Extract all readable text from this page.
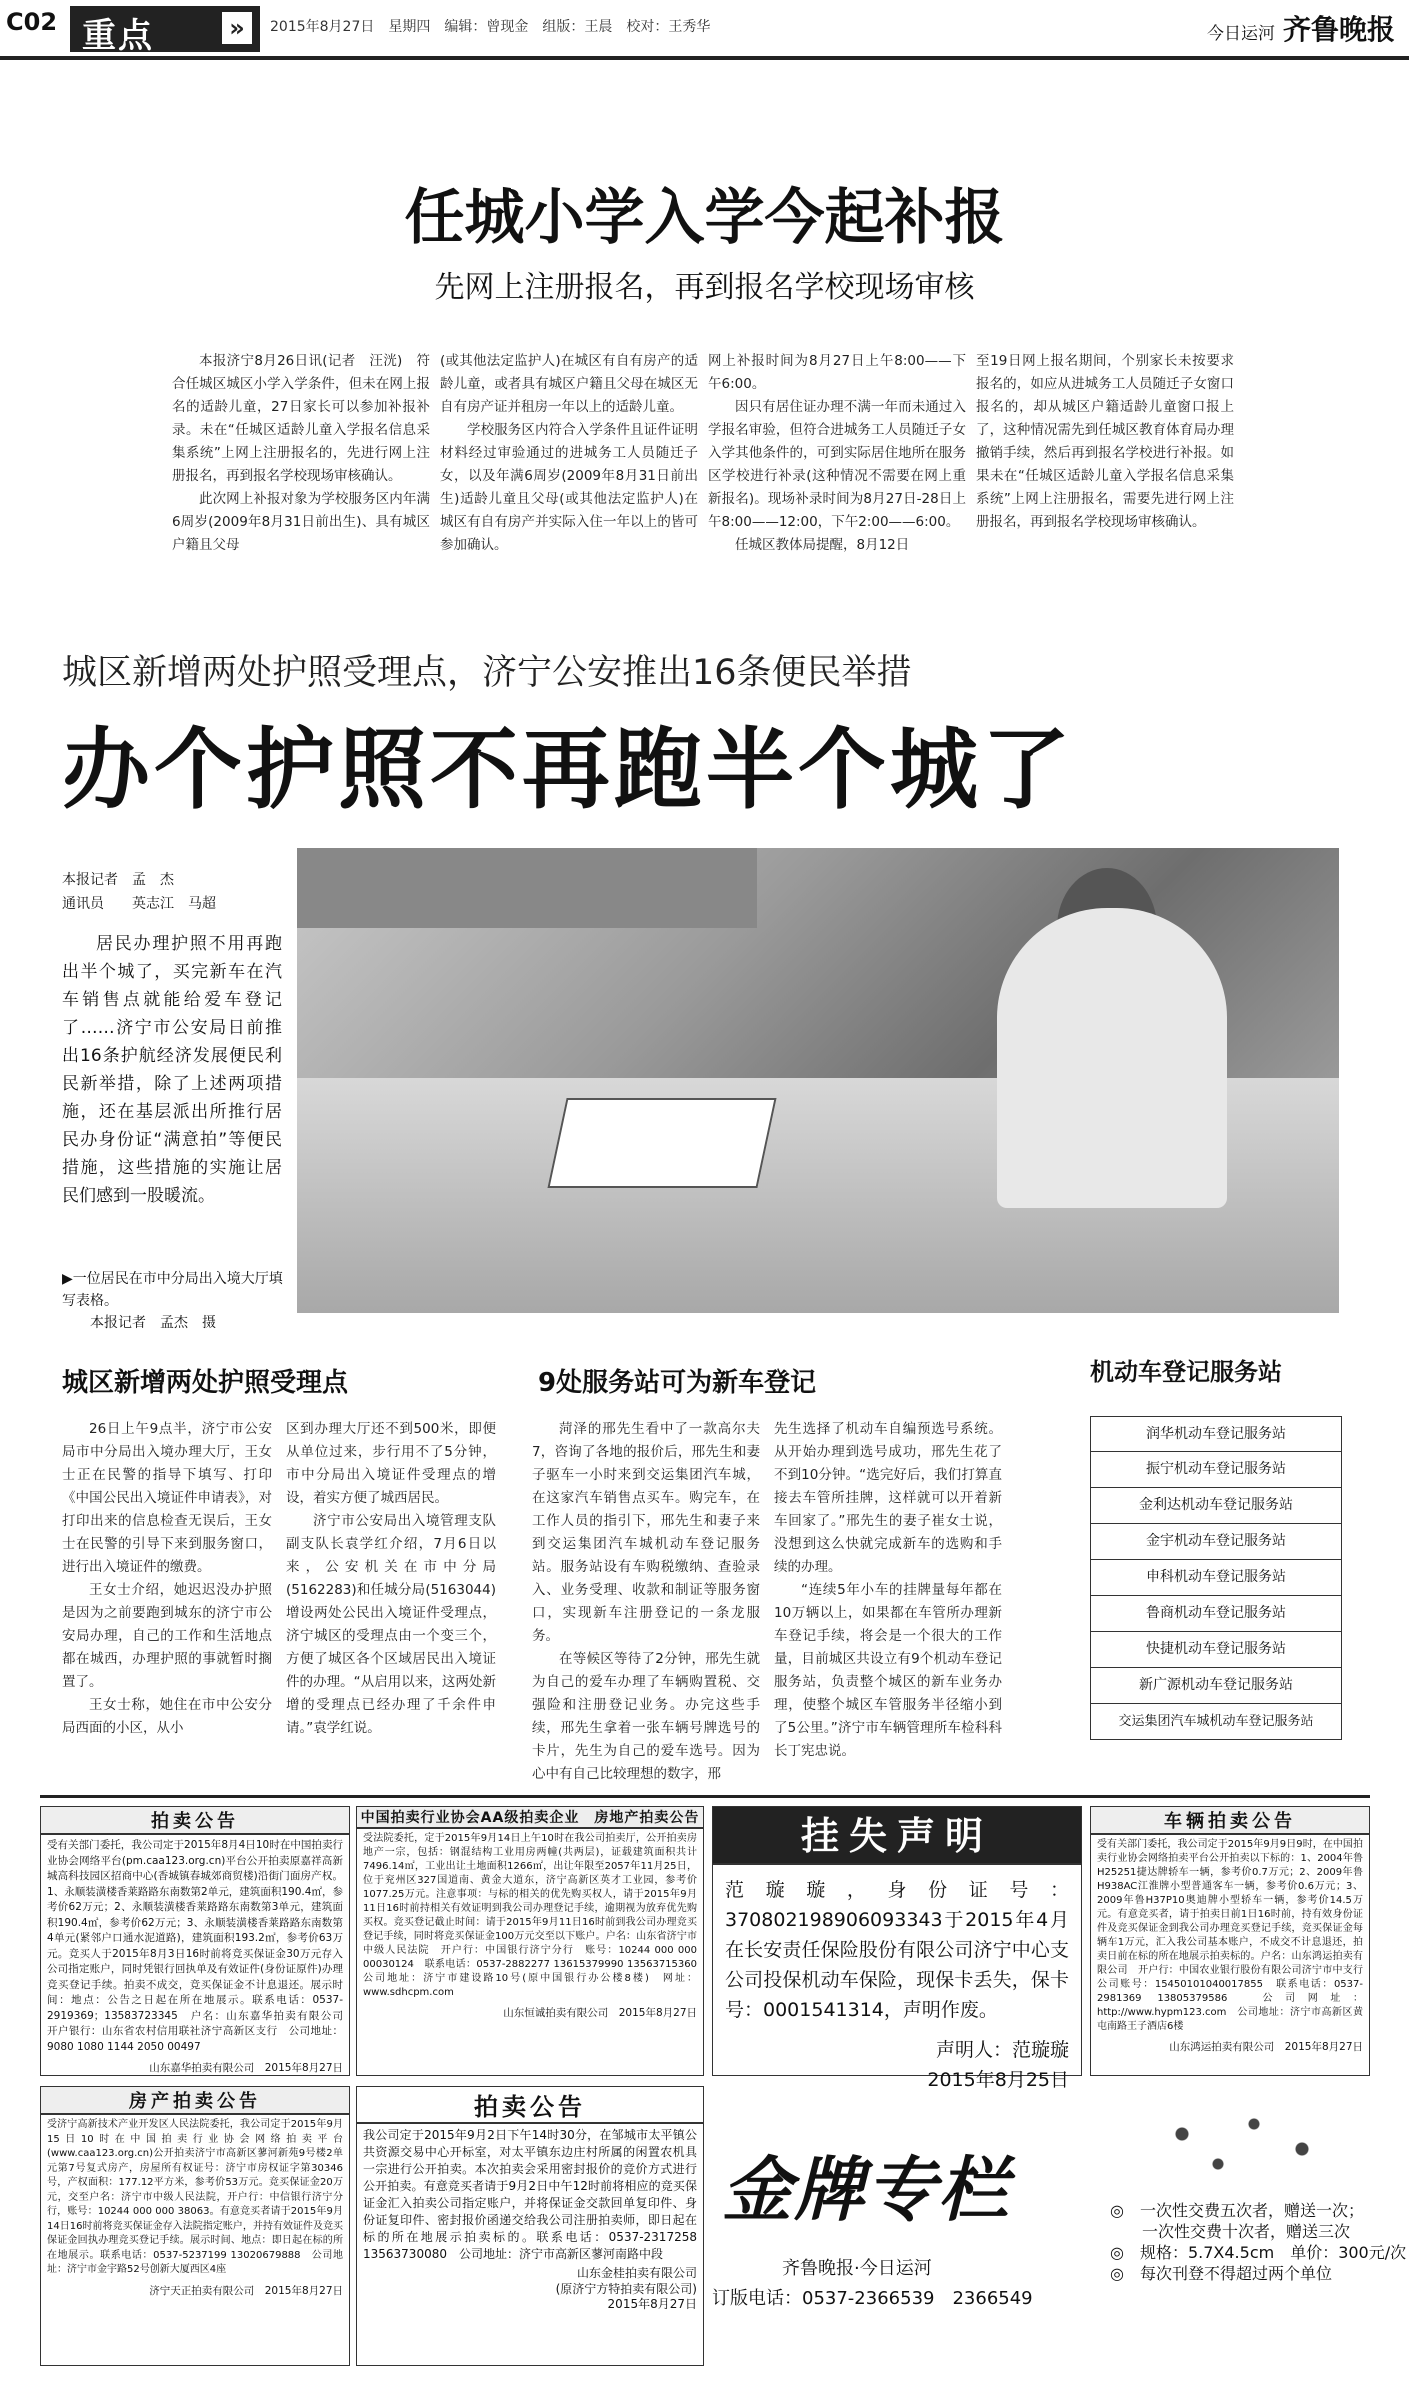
C02 重点	»	2015年8月27日　星期四　编辑：曾现金　组版：王晨　校对：王秀华	今日运河 齐鲁晚报
任城小学入学今起补报
先网上注册报名，再到报名学校现场审核

本报济宁8月26日讯(记者　汪洸)　符合任城区城区小学入学条件，但未在网上报名的适龄儿童，27日家长可以参加补报补录。未在“任城区适龄儿童入学报名信息采集系统”上网上注册报名的，先进行网上注册报名，再到报名学校现场审核确认。

此次网上补报对象为学校服务区内年满6周岁(2009年8月31日前出生)、具有城区户籍且父母

(或其他法定监护人)在城区有自有房产的适龄儿童，或者具有城区户籍且父母在城区无自有房产证并租房一年以上的适龄儿童。

学校服务区内符合入学条件且证件证明材料经过审验通过的进城务工人员随迁子女，以及年满6周岁(2009年8月31日前出生)适龄儿童且父母(或其他法定监护人)在城区有自有房产并实际入住一年以上的皆可参加确认。

网上补报时间为8月27日上午8:00——下午6:00。

因只有居住证办理不满一年而未通过入学报名审验，但符合进城务工人员随迁子女入学其他条件的，可到实际居住地所在服务区学校进行补录(这种情况不需要在网上重新报名)。现场补录时间为8月27日-28日上午8:00——12:00，下午2:00——6:00。

任城区教体局提醒，8月12日

至19日网上报名期间，个别家长未按要求报名的，如应从进城务工人员随迁子女窗口报名的，却从城区户籍适龄儿童窗口报上了，这种情况需先到任城区教育体育局办理撤销手续，然后再到报名学校进行补报。如果未在“任城区适龄儿童入学报名信息采集系统”上网上注册报名，需要先进行网上注册报名，再到报名学校现场审核确认。

城区新增两处护照受理点，济宁公安推出16条便民举措
办个护照不再跑半个城了
本报记者　孟　杰
通讯员　　英志江　马超

居民办理护照不用再跑出半个城了，买完新车在汽车销售点就能给爱车登记了……济宁市公安局日前推出16条护航经济发展便民利民新举措，除了上述两项措施，还在基层派出所推行居民办身份证“满意拍”等便民措施，这些措施的实施让居民们感到一股暖流。

▶一位居民在市中分局出入境大厅填写表格。
本报记者　孟杰　摄
城区新增两处护照受理点

26日上午9点半，济宁市公安局市中分局出入境办理大厅，王女士正在民警的指导下填写、打印《中国公民出入境证件申请表》，对打印出来的信息检查无误后，王女士在民警的引导下来到服务窗口，进行出入境证件的缴费。

王女士介绍，她迟迟没办护照是因为之前要跑到城东的济宁市公安局办理，自己的工作和生活地点都在城西，办理护照的事就暂时搁置了。

王女士称，她住在市中公安分局西面的小区，从小

区到办理大厅还不到500米，即便从单位过来，步行用不了5分钟，市中分局出入境证件受理点的增设，着实方便了城西居民。

济宁市公安局出入境管理支队副支队长袁学红介绍，7月6日以来，公安机关在市中分局(5162283)和任城分局(5163044)增设两处公民出入境证件受理点，济宁城区的受理点由一个变三个，方便了城区各个区域居民出入境证件的办理。“从启用以来，这两处新增的受理点已经办理了千余件申请。”袁学红说。

9处服务站可为新车登记

菏泽的邢先生看中了一款高尔夫7，咨询了各地的报价后，邢先生和妻子驱车一小时来到交运集团汽车城，在这家汽车销售点买车。购完车，在工作人员的指引下，邢先生和妻子来到交运集团汽车城机动车登记服务站。服务站设有车购税缴纳、查验录入、业务受理、收款和制证等服务窗口，实现新车注册登记的一条龙服务。

在等候区等待了2分钟，邢先生就为自己的爱车办理了车辆购置税、交强险和注册登记业务。办完这些手续，邢先生拿着一张车辆号牌选号的卡片，先生为自己的爱车选号。因为心中有自己比较理想的数字，邢

先生选择了机动车自编预选号系统。从开始办理到选号成功，邢先生花了不到10分钟。“选完好后，我们打算直接去车管所挂牌，这样就可以开着新车回家了。”邢先生的妻子崔女士说，没想到这么快就完成新车的选购和手续的办理。

“连续5年小车的挂牌量每年都在10万辆以上，如果都在车管所办理新车登记手续，将会是一个很大的工作量，目前城区共设立有9个机动车登记服务站，负责整个城区的新车业务办理，使整个城区车管服务半径缩小到了5公里。”济宁市车辆管理所车检科科长丁宪忠说。

机动车登记服务站
润华机动车登记服务站
振宁机动车登记服务站
金利达机动车登记服务站
金宇机动车登记服务站
申科机动车登记服务站
鲁商机动车登记服务站
快捷机动车登记服务站
新广源机动车登记服务站
交运集团汽车城机动车登记服务站
拍卖公告
受有关部门委托，我公司定于2015年8月4日10时在中国拍卖行业协会网络平台(pm.caa123.org.cn)平台公开拍卖原嘉祥高新城高科技园区招商中心(香城镇春城郊商贸楼)沿街门面房产权。1、永顺装潢楼香莱路路东南数第2单元，建筑面积190.4㎡，参考价62万元；2、永顺装潢楼香莱路路东南数第3单元，建筑面积190.4㎡，参考价62万元；3、永顺装潢楼香莱路路东南数第4单元(紧邻户口通水泥道路)，建筑面积193.2㎡，参考价63万元。竞买人于2015年8月3日16时前将竞买保证金30万元存入公司指定账户，同时凭银行回执单及有效证件(身份证原件)办理竞买登记手续。拍卖不成交，竞买保证金不计息退还。展示时间：地点：公告之日起在所在地展示。联系电话：0537-2919369；13583723345　户名：山东嘉华拍卖有限公司　开户银行：山东省农村信用联社济宁高新区支行　公司地址：9080 1080 1144 2050 00497
山东嘉华拍卖有限公司　2015年8月27日
中国拍卖行业协会AA级拍卖企业　房地产拍卖公告
受法院委托，定于2015年9月14日上午10时在我公司拍卖厅，公开拍卖房地产一宗，包括：钢混结构工业用房两幢(共两层)，证载建筑面积共计7496.14㎡，工业出让土地面积1266㎡，出让年限至2057年11月25日，位于兖州区327国道南、黄金大道东，济宁高新区英才工业园，参考价1077.25万元。注意事项：与标的相关的优先购买权人，请于2015年9月11日16时前持相关有效证明到我公司办理登记手续，逾期视为放弃优先购买权。竞买登记截止时间：请于2015年9月11日16时前到我公司办理竞买登记手续，同时将竞买保证金100万元交至以下账户。户名：山东省济宁市中级人民法院　开户行：中国银行济宁分行　账号：10244 000 000 00030124　联系电话：0537-2882277 13615379990 13563715360　公司地址：济宁市建设路10号(原中国银行办公楼8楼)　网址：www.sdhcpm.com
山东恒诚拍卖有限公司　2015年8月27日
挂失声明
范璇璇，身份证号：370802198906093343于2015年4月在长安责任保险股份有限公司济宁中心支公司投保机动车保险，现保卡丢失，保卡号：0001541314，声明作废。
声明人：范璇璇
2015年8月25日
车辆拍卖公告
受有关部门委托，我公司定于2015年9月9日9时，在中国拍卖行业协会网络拍卖平台公开拍卖以下标的：1、2004年鲁H25251捷达牌轿车一辆，参考价0.7万元；2、2009年鲁H938AC江淮牌小型普通客车一辆，参考价0.6万元；3、2009年鲁H37P10奥迪牌小型轿车一辆，参考价14.5万元。有意竞买者，请于拍卖日前1日16时前，持有效身份证件及竞买保证金到我公司办理竞买登记手续，竞买保证金每辆车1万元，汇入我公司基本账户，不成交不计息退还，拍卖日前在标的所在地展示拍卖标的。户名：山东鸿运拍卖有限公司　开户行：中国农业银行股份有限公司济宁市中支行　公司账号：15450101040017855　联系电话：0537-2981369 13805379586　公司网址：http://www.hypm123.com　公司地址：济宁市高新区黄屯南路王子酒店6楼
山东鸿运拍卖有限公司　2015年8月27日
房产拍卖公告
受济宁高新技术产业开发区人民法院委托，我公司定于2015年9月15日10时在中国拍卖行业协会网络拍卖平台(www.caa123.org.cn)公开拍卖济宁市高新区蓼河新苑9号楼2单元第7号复式房产，房屋所有权证号：济宁市房权证字第30346号，产权面积：177.12平方米，参考价53万元。竞买保证金20万元，交至户名：济宁市中级人民法院，开户行：中信银行济宁分行，账号：10244 000 000 38063。有意竞买者请于2015年9月14日16时前将竞买保证金存入法院指定账户，并持有效证件及竞买保证金回执办理竞买登记手续。展示时间、地点：即日起在标的所在地展示。联系电话：0537-5237199 13020679888　公司地址：济宁市金宇路52号创新大厦西区4座
济宁天正拍卖有限公司　2015年8月27日
拍卖公告
我公司定于2015年9月2日下午14时30分，在邹城市太平镇公共资源交易中心开标室，对太平镇东边庄村所属的闲置农机具一宗进行公开拍卖。本次拍卖会采用密封报价的竞价方式进行公开拍卖。有意竞买者请于9月2日中午12时前将相应的竞买保证金汇入拍卖公司指定账户，并将保证金交款回单复印件、身份证复印件、密封报价函递交给我公司注册拍卖师，即日起在标的所在地展示拍卖标的。联系电话：0537-2317258　13563730080　公司地址：济宁市高新区蓼河南路中段
山东金桂拍卖有限公司
(原济宁方特拍卖有限公司)
2015年8月27日
金牌专栏
齐鲁晚报·今日运河
订版电话：0537-2366539　2366549
◎　一次性交费五次者，赠送一次；
　　一次性交费十次者，赠送三次
◎　规格：5.7X4.5cm　单价：300元/次
◎　每次刊登不得超过两个单位
